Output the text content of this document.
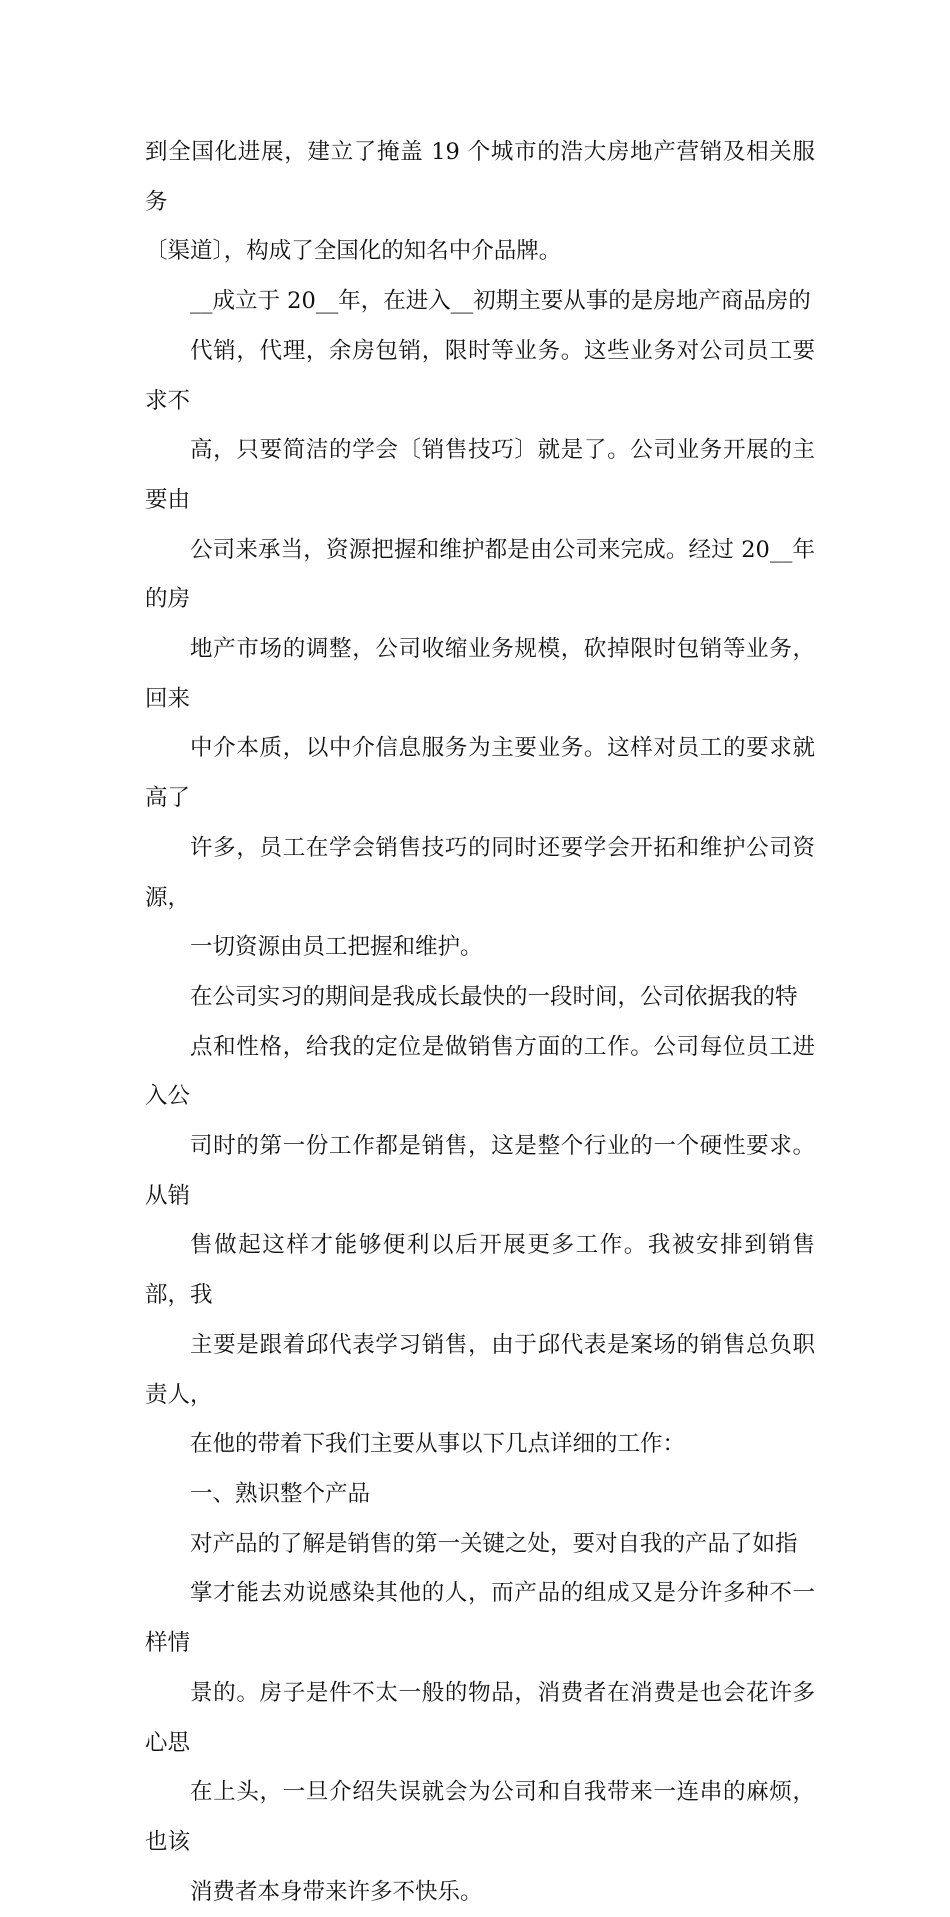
到全国化进展，建立了掩盖 19 个城市的浩大房地产营销及相关服务
〔渠道〕，构成了全国化的知名中介品牌。

__成立于 20__年，在进入__初期主要从事的是房地产商品房的
代销，代理，余房包销，限时等业务。这些业务对公司员工要求不
高，只要简洁的学会〔销售技巧〕就是了。公司业务开展的主要由
公司来承当，资源把握和维护都是由公司来完成。经过 20__年的房
地产市场的调整，公司收缩业务规模，砍掉限时包销等业务，回来
中介本质，以中介信息服务为主要业务。这样对员工的要求就高了
许多，员工在学会销售技巧的同时还要学会开拓和维护公司资源，
一切资源由员工把握和维护。

在公司实习的期间是我成长最快的一段时间，公司依据我的特
点和性格，给我的定位是做销售方面的工作。公司每位员工进入公
司时的第一份工作都是销售，这是整个行业的一个硬性要求。从销
售做起这样才能够便利以后开展更多工作。我被安排到销售部，我
主要是跟着邱代表学习销售，由于邱代表是案场的销售总负职责人，
在他的带着下我们主要从事以下几点详细的工作：

一、熟识整个产品

对产品的了解是销售的第一关键之处，要对自我的产品了如指
掌才能去劝说感染其他的人，而产品的组成又是分许多种不一样情
景的。房子是件不太一般的物品，消费者在消费是也会花许多心思
在上头，一旦介绍失误就会为公司和自我带来一连串的麻烦，也该
消费者本身带来许多不快乐。
